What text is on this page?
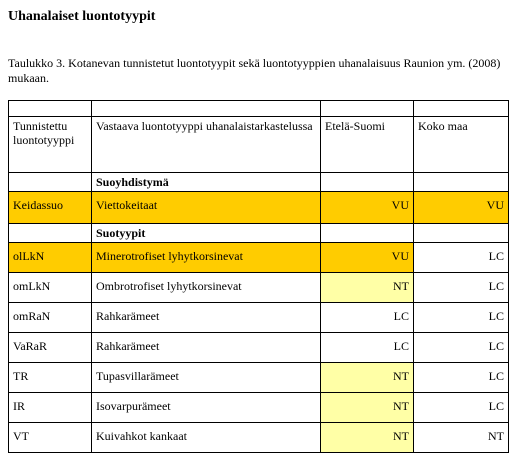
Uhanalaiset luontotyypit
Taulukko 3. Kotanevan tunnistetut luontotyypit sekä luontotyyppien uhanalaisuus Raunion ym. (2008) mukaan.

Tunnistettu luontotyyppi	Vastaava luontotyyppi uhanalaistarkastelussa	Etelä-Suomi	Koko maa
	Suoyhdistymä		
Keidassuo	Viettokeitaat	VU	VU
	Suotyypit		
olLkN	Minerotrofiset lyhytkorsinevat	VU	LC
omLkN	Ombrotrofiset lyhytkorsinevat	NT	LC
omRaN	Rahkarämeet	LC	LC
VaRaR	Rahkarämeet	LC	LC
TR	Tupasvillarämeet	NT	LC
IR	Isovarpurämeet	NT	LC
VT	Kuivahkot kankaat	NT	NT
